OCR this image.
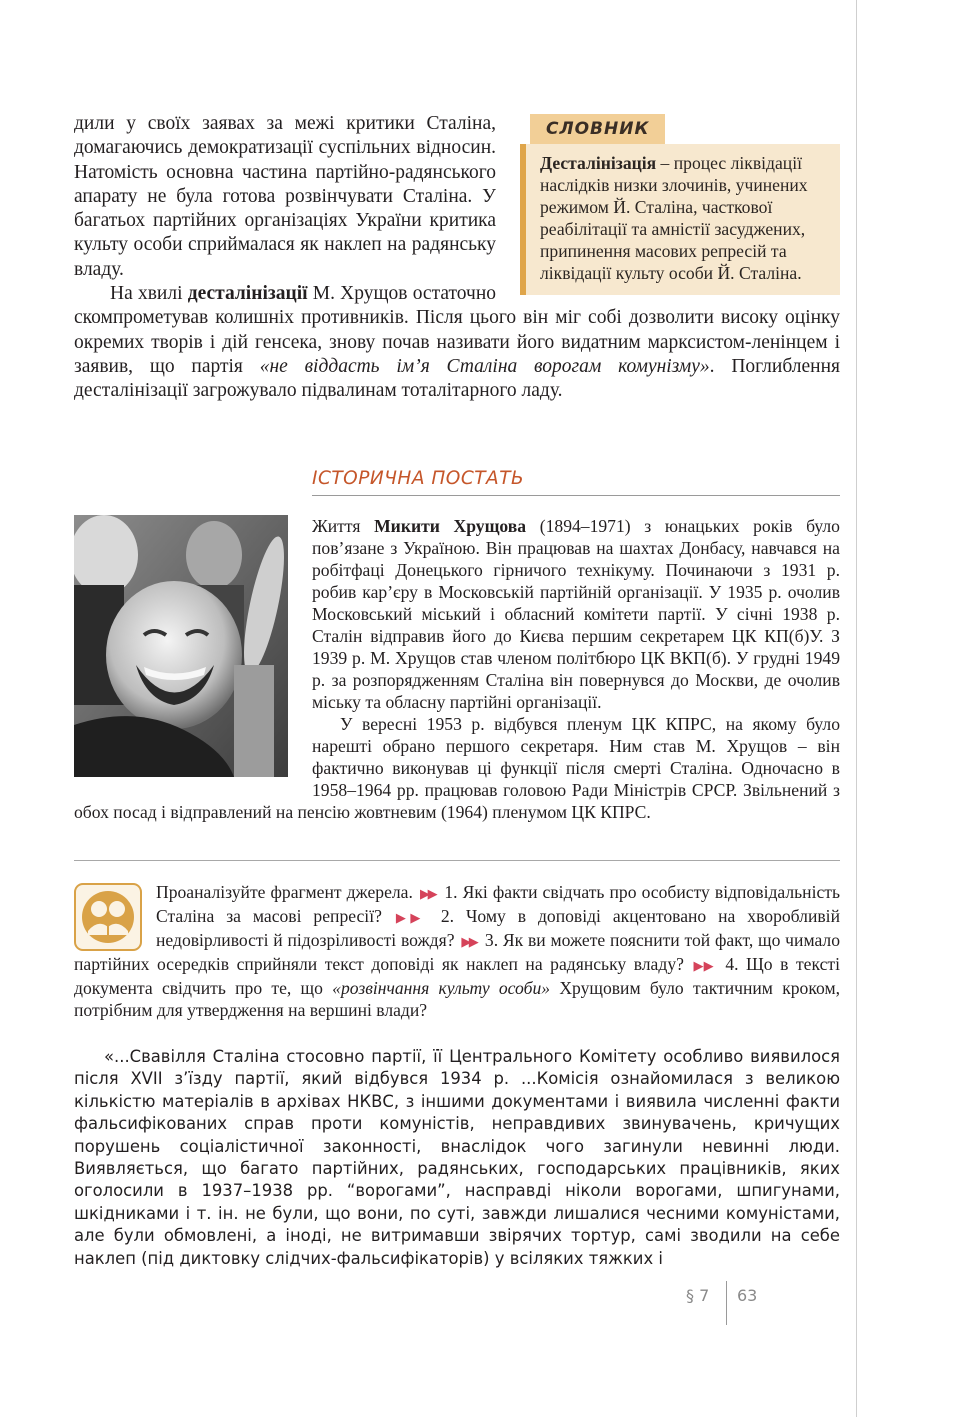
СЛОВНИК
Десталінізація – процес ліквідації наслідків низки злочинів, учинених режимом Й. Сталіна, часткової реабілітації та амністії засуджених, припинення масових репресій та ліквідації культу особи Й. Сталіна.

дили у своїх заявах за межі критики Сталіна, домагаючись демократизації суспільних відносин. Натомість основна частина партійно-радянського апарату не була готова розвінчувати Сталіна. У багатьох партійних організаціях України критика культу особи сприймалася як наклеп на радянську владу.

На хвилі десталінізації М. Хрущов остаточно скомпрометував колишніх противників. Після цього він міг собі дозволити високу оцінку окремих творів і дій генсека, знову почав називати його видатним марксистом-ленінцем і заявив, що партія «не віддасть ім’я Сталіна ворогам комунізму». Поглиблення десталінізації загрожувало підвалинам тоталітарного ладу.

ІСТОРИЧНА ПОСТАТЬ

Життя Микити Хрущова (1894–1971) з юнацьких років було пов’язане з Україною. Він працював на шахтах Донбасу, навчався на робітфаці Донецького гірничого технікуму. Починаючи з 1931 р. робив кар’єру в Московській партійній організації. У 1935 р. очолив Московський міський і обласний комітети партії. У січні 1938 р. Сталін відправив його до Києва першим секретарем ЦК КП(б)У. З 1939 р. М. Хрущов став членом політбюро ЦК ВКП(б). У грудні 1949 р. за розпорядженням Сталіна він повернувся до Москви, де очолив міську та обласну партійні організації.

У вересні 1953 р. відбувся пленум ЦК КПРС, на якому було нарешті обрано першого секретаря. Ним став М. Хрущов – він фактично виконував ці функції після смерті Сталіна. Одночасно в 1958–1964 рр. працював головою Ради Міністрів СРСР. Звільнений з обох посад і відправлений на пенсію жовтневим (1964) пленумом ЦК КПРС.

Проаналізуйте фрагмент джерела. ▶▶ 1. Які факти свідчать про особисту відповідальність Сталіна за масові репресії? ▶▶ 2. Чому в доповіді акцентовано на хворобливій недовірливості й підозріливості вождя? ▶▶ 3. Як ви можете пояснити той факт, що чимало партійних осередків сприйняли текст доповіді як наклеп на радянську владу? ▶▶ 4. Що в тексті документа свідчить про те, що «розвінчання культу особи» Хрущовим було тактичним кроком, потрібним для утвердження на вершині влади?

«...Свавілля Сталіна стосовно партії, її Центрального Комітету особливо виявилося після XVII з’їзду партії, який відбувся 1934 р. ...Комісія ознайомилася з великою кількістю матеріалів в архівах НКВС, з іншими документами і виявила численні факти фальсифікованих справ проти комуністів, неправдивих звинувачень, кричущих порушень соціалістичної законності, внаслідок чого загинули невинні люди. Виявляється, що багато партійних, радянських, господарських працівників, яких оголосили в 1937–1938 рр. “ворогами”, насправді ніколи ворогами, шпигунами, шкідниками і т. ін. не були, що вони, по суті, завжди лишалися чесними комуністами, але були обмовлені, а іноді, не витримавши звірячих тортур, самі зводили на себе наклеп (під диктовку слідчих-фальсифікаторів) у всіляких тяжких і

§ 7 63
